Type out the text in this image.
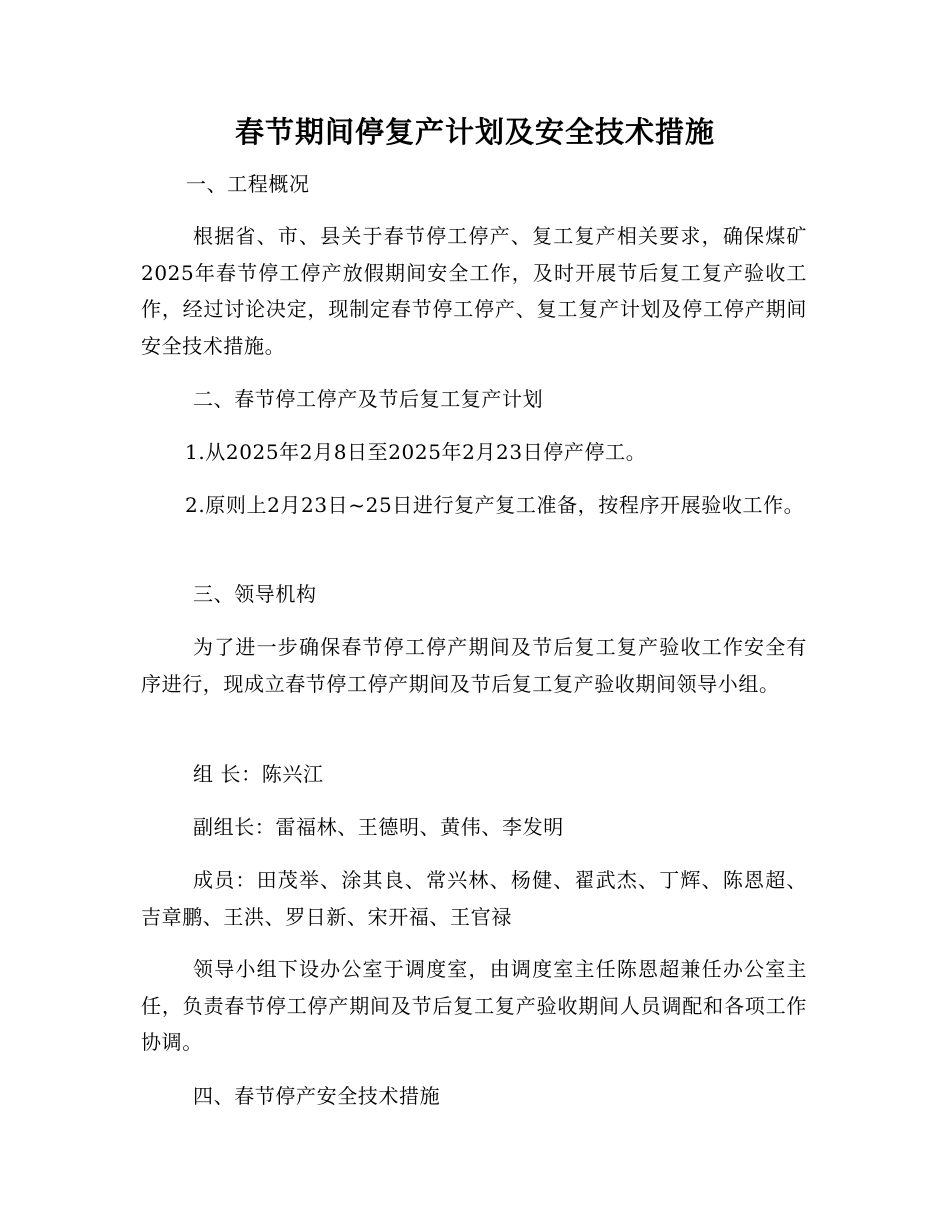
春节期间停复产计划及安全技术措施
一、工程概况
根据省、市、县关于春节停工停产、复工复产相关要求，确保煤矿2025年春节停工停产放假期间安全工作，及时开展节后复工复产验收工作，经过讨论决定，现制定春节停工停产、复工复产计划及停工停产期间安全技术措施。
二、春节停工停产及节后复工复产计划
1.从2025年2月8日至2025年2月23日停产停工。
2.原则上2月23日~25日进行复产复工准备，按程序开展验收工作。
三、领导机构
为了进一步确保春节停工停产期间及节后复工复产验收工作安全有序进行，现成立春节停工停产期间及节后复工复产验收期间领导小组。
组 长：陈兴江
副组长：雷福林、王德明、黄伟、李发明
成员：田茂举、涂其良、常兴林、杨健、翟武杰、丁辉、陈恩超、吉章鹏、王洪、罗日新、宋开福、王官禄
领导小组下设办公室于调度室，由调度室主任陈恩超兼任办公室主任，负责春节停工停产期间及节后复工复产验收期间人员调配和各项工作协调。
四、春节停产安全技术措施
